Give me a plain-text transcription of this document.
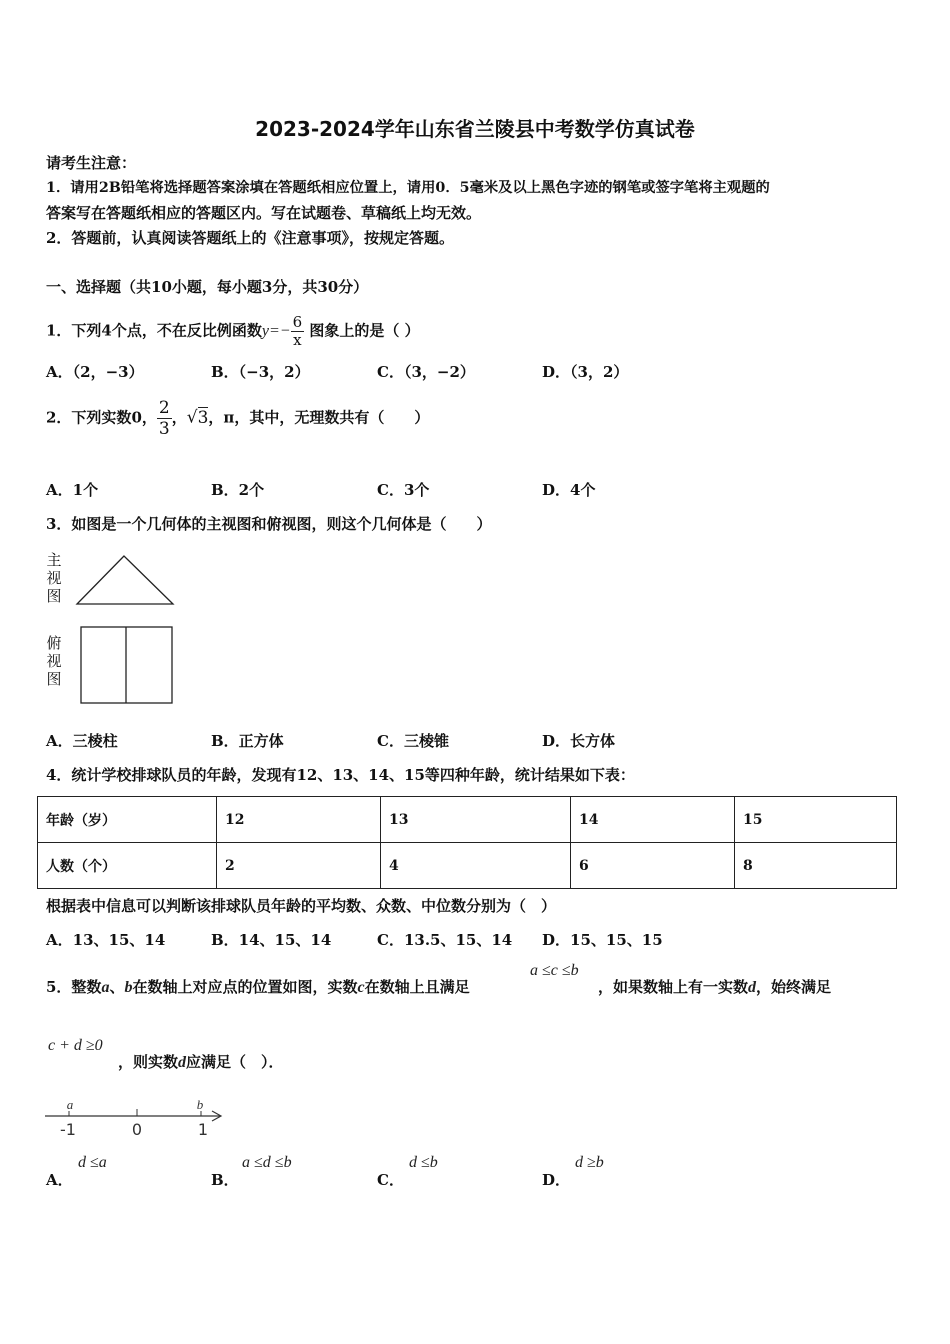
2023-2024学年山东省兰陵县中考数学仿真试卷
请考生注意：
1．请用2B铅笔将选择题答案涂填在答题纸相应位置上，请用0．5毫米及以上黑色字迹的钢笔或签字笔将主观题的
答案写在答题纸相应的答题区内。写在试题卷、草稿纸上均无效。
2．答题前，认真阅读答题纸上的《注意事项》，按规定答题。
一、选择题（共10小题，每小题3分，共30分）
1．下列4个点，不在反比例函数$y=- \frac{6}{x}$ 图象上的是（ ）
A．（2，−3）	B．（−3，2）	C．（3，−2）	D．（3，2）
2．下列实数0， $\frac{2}{3}$ ，√3，π，其中，无理数共有（　　）
A．1个	B．2个	C．3个	D．4个
3．如图是一个几何体的主视图和俯视图，则这个几何体是（　　）
主
视
图
俯
视
图
A．三棱柱	B．正方体	C．三棱锥	D．长方体
4．统计学校排球队员的年龄，发现有12、13、14、15等四种年龄，统计结果如下表：
年龄（岁）	12	13	14	15
人数（个）	2	4	6	8
根据表中信息可以判断该排球队员年龄的平均数、众数、中位数分别为（　）
A．13、15、14	B．14、15、14	C．13.5、15、14 D．15、15、15
5．整数a、b在数轴上对应点的位置如图，实数c在数轴上且满足
a ≤c ≤b
，如果数轴上有一实数d，始终满足
c + d ≥0
，则实数d应满足（　）．
a	b
-1	0	1
A．
d ≤a
B．
a ≤d ≤b
C．
d ≤b
D．
d ≥b
